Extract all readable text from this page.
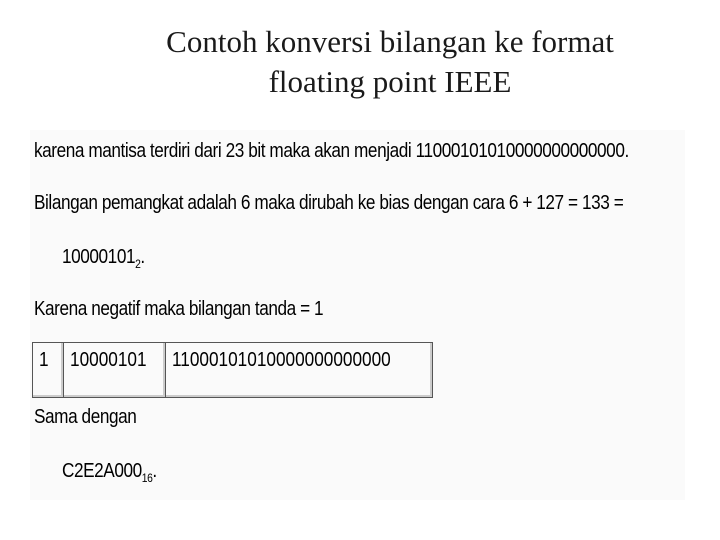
Contoh konversi bilangan ke format
floating point IEEE
karena mantisa terdiri dari 23 bit maka akan menjadi 11000101010000000000000.
Bilangan pemangkat adalah 6 maka dirubah ke bias dengan cara 6 + 127 = 133 =
$10000101_2$.
Karena negatif maka bilangan tanda = 1
1	10000101	11000101010000000000000
Sama dengan
$C2E2A000_{16}$.
